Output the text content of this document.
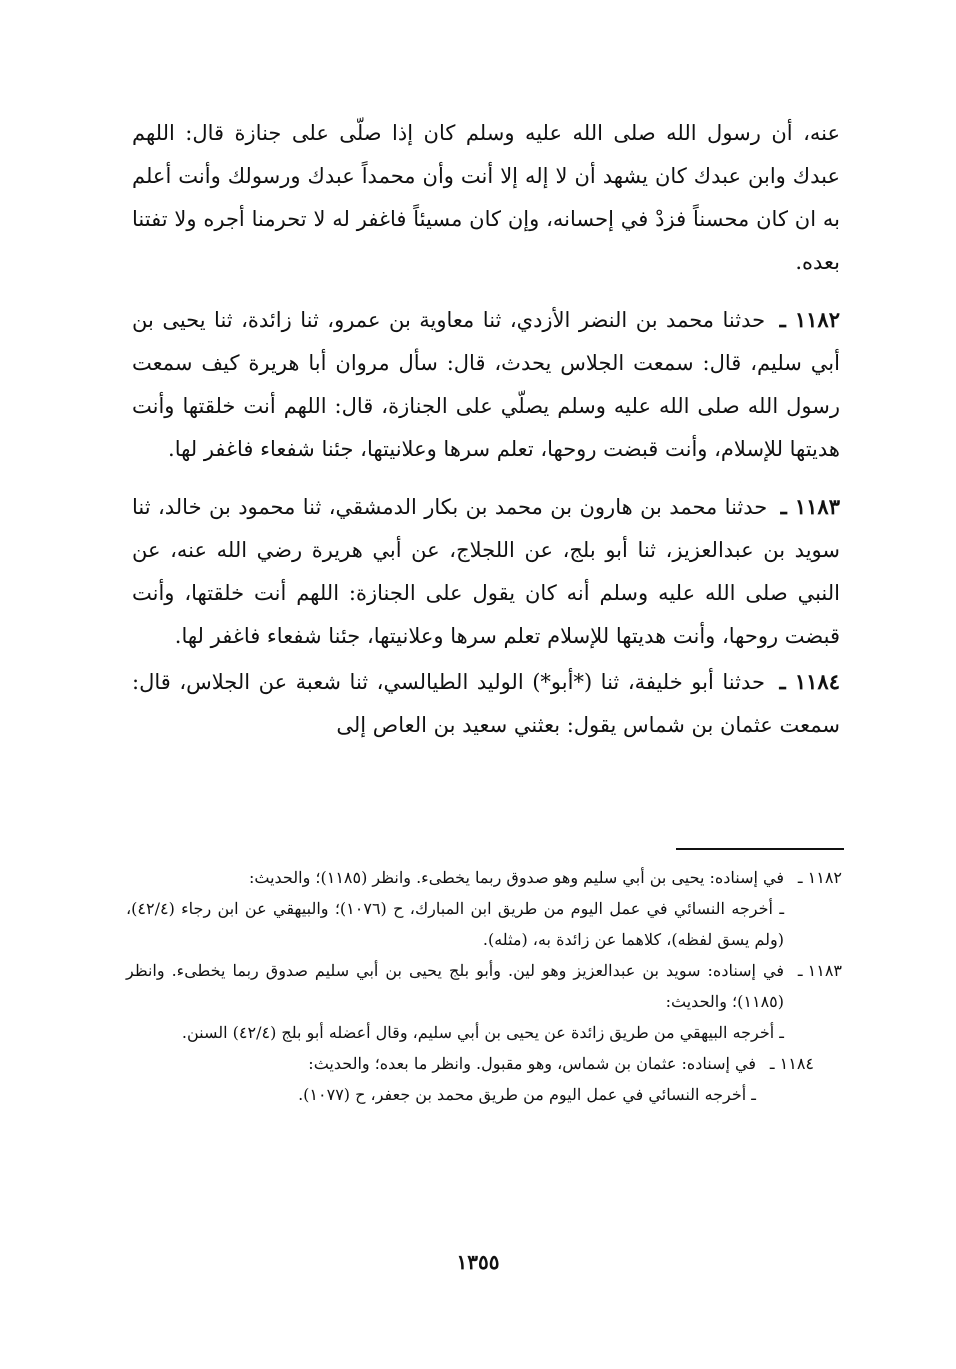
عنه، أن رسول الله صلى الله عليه وسلم كان إذا صلّى على جنازة قال: اللهم عبدك وابن عبدك كان يشهد أن لا إله إلا أنت وأن محمداً عبدك ورسولك وأنت أعلم به ان كان محسناً فزدْ في إحسانه، وإن كان مسيئاً فاغفر له لا تحرمنا أجره ولا تفتنا بعده.

١١٨٢ ـ حدثنا محمد بن النضر الأزدي، ثنا معاوية بن عمرو، ثنا زائدة، ثنا يحيى بن أبي سليم، قال: سمعت الجلاس يحدث، قال: سأل مروان أبا هريرة كيف سمعت رسول الله صلى الله عليه وسلم يصلّي على الجنازة، قال: اللهم أنت خلقتها وأنت هديتها للإسلام، وأنت قبضت روحها، تعلم سرها وعلانيتها، جئنا شفعاء فاغفر لها.

١١٨٣ ـ حدثنا محمد بن هارون بن محمد بن بكار الدمشقي، ثنا محمود بن خالد، ثنا سويد بن عبدالعزيز، ثنا أبو بلج، عن اللجلاج، عن أبي هريرة رضي الله عنه، عن النبي صلى الله عليه وسلم أنه كان يقول على الجنازة: اللهم أنت خلقتها، وأنت قبضت روحها، وأنت هديتها للإسلام تعلم سرها وعلانيتها، جئنا شفعاء فاغفر لها.

١١٨٤ ـ حدثنا أبو خليفة، ثنا (*أبو*) الوليد الطيالسي، ثنا شعبة عن الجلاس، قال: سمعت عثمان بن شماس يقول: بعثني سعيد بن العاص إلى

١١٨٢ ـ

في إسناده: يحيى بن أبي سليم وهو صدوق ربما يخطىء. وانظر (١١٨٥)؛ والحديث:

ـ أخرجه النسائي في عمل اليوم من طريق ابن المبارك، ح (١٠٧٦)؛ والبيهقي عن ابن رجاء (٤٢/٤)،(ولم يسق لفظه)، كلاهما عن زائدة به، (مثله).

١١٨٣ ـ

في إسناده: سويد بن عبدالعزيز وهو لين. وأبو بلج يحيى بن أبي سليم صدوق ربما يخطىء. وانظر (١١٨٥)؛ والحديث:

ـ أخرجه البيهقي من طريق زائدة عن يحيى بن أبي سليم، وقال أعضله أبو بلج (٤٢/٤) السنن.

١١٨٤ ـ

في إسناده: عثمان بن شماس، وهو مقبول. وانظر ما بعده؛ والحديث:

ـ أخرجه النسائي في عمل اليوم من طريق محمد بن جعفر، ح (١٠٧٧).

١٣٥٥
